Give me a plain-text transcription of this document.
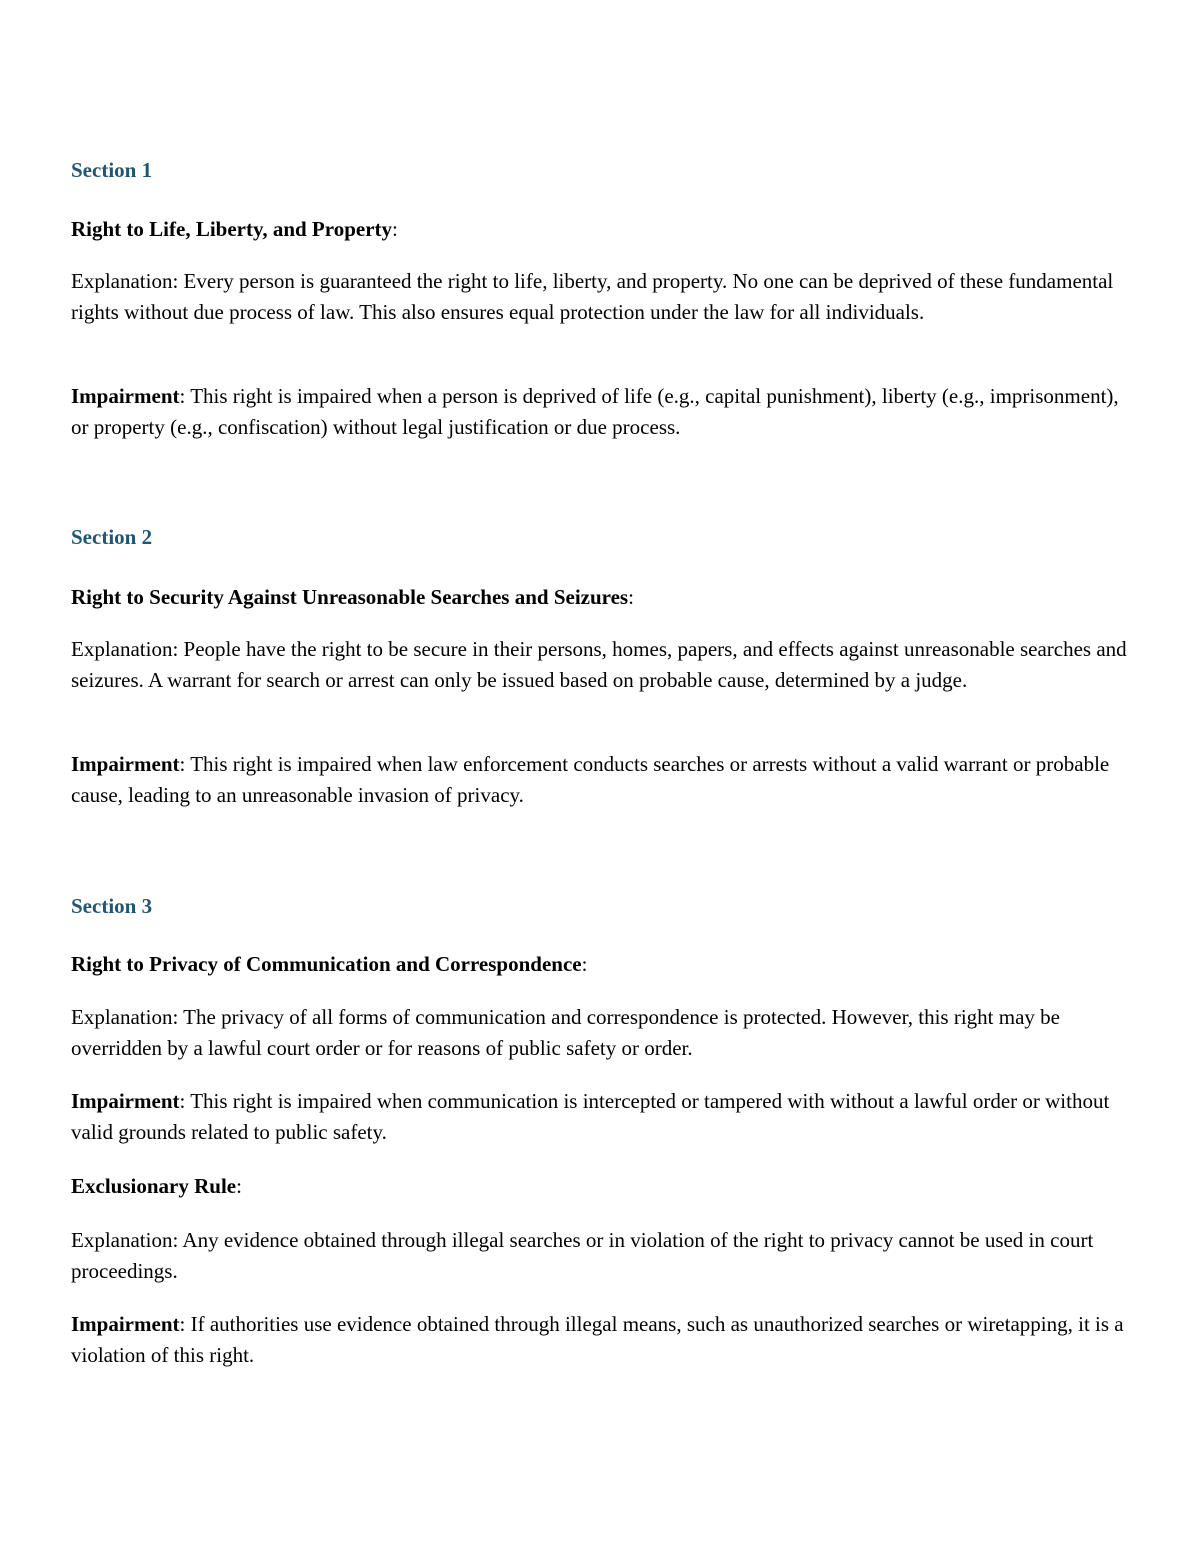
Section 1
Right to Life, Liberty, and Property:

Explanation: Every person is guaranteed the right to life, liberty, and property. No one can be deprived of these fundamental rights without due process of law. This also ensures equal protection under the law for all individuals.

Impairment: This right is impaired when a person is deprived of life (e.g., capital punishment), liberty (e.g., imprisonment), or property (e.g., confiscation) without legal justification or due process.

Section 2
Right to Security Against Unreasonable Searches and Seizures:

Explanation: People have the right to be secure in their persons, homes, papers, and effects against unreasonable searches and seizures. A warrant for search or arrest can only be issued based on probable cause, determined by a judge.

Impairment: This right is impaired when law enforcement conducts searches or arrests without a valid warrant or probable cause, leading to an unreasonable invasion of privacy.

Section 3
Right to Privacy of Communication and Correspondence:

Explanation: The privacy of all forms of communication and correspondence is protected. However, this right may be overridden by a lawful court order or for reasons of public safety or order.

Impairment: This right is impaired when communication is intercepted or tampered with without a lawful order or without valid grounds related to public safety.

Exclusionary Rule:

Explanation: Any evidence obtained through illegal searches or in violation of the right to privacy cannot be used in court proceedings.

Impairment: If authorities use evidence obtained through illegal means, such as unauthorized searches or wiretapping, it is a violation of this right.
